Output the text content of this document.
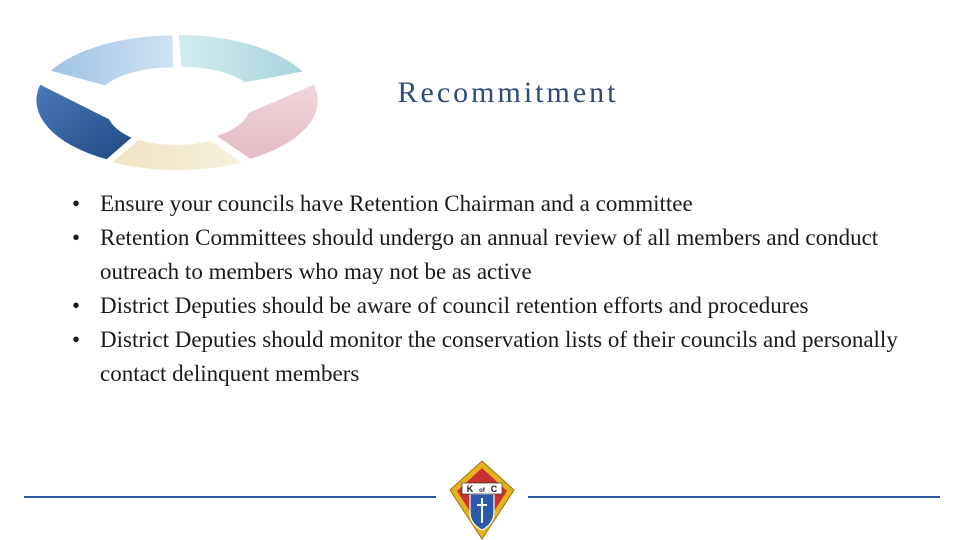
Recommitment
• Ensure your councils have Retention Chairman and a committee
• Retention Committees should undergo an annual review of all members and conduct outreach to members who may not be as active
• District Deputies should be aware of council retention efforts and procedures
• District Deputies should monitor the conservation lists of their councils and personally contact delinquent members
K of C
